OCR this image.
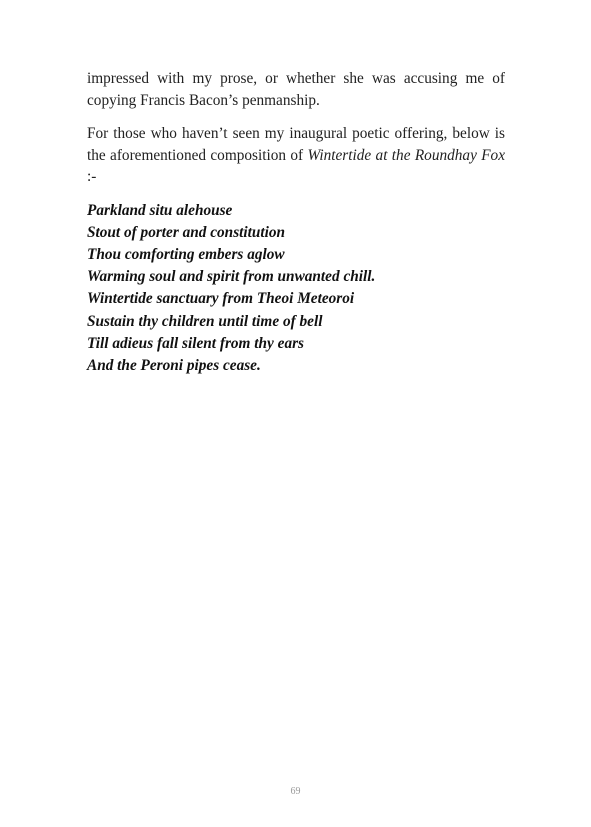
impressed with my prose, or whether she was accusing me of copying Francis Bacon’s penmanship.

For those who haven’t seen my inaugural poetic offering, below is the aforementioned composition of Wintertide at the Roundhay Fox :-

Parkland situ alehouse
Stout of porter and constitution
Thou comforting embers aglow
Warming soul and spirit from unwanted chill.
Wintertide sanctuary from Theoi Meteoroi
Sustain thy children until time of bell
Till adieus fall silent from thy ears
And the Peroni pipes cease.
69
